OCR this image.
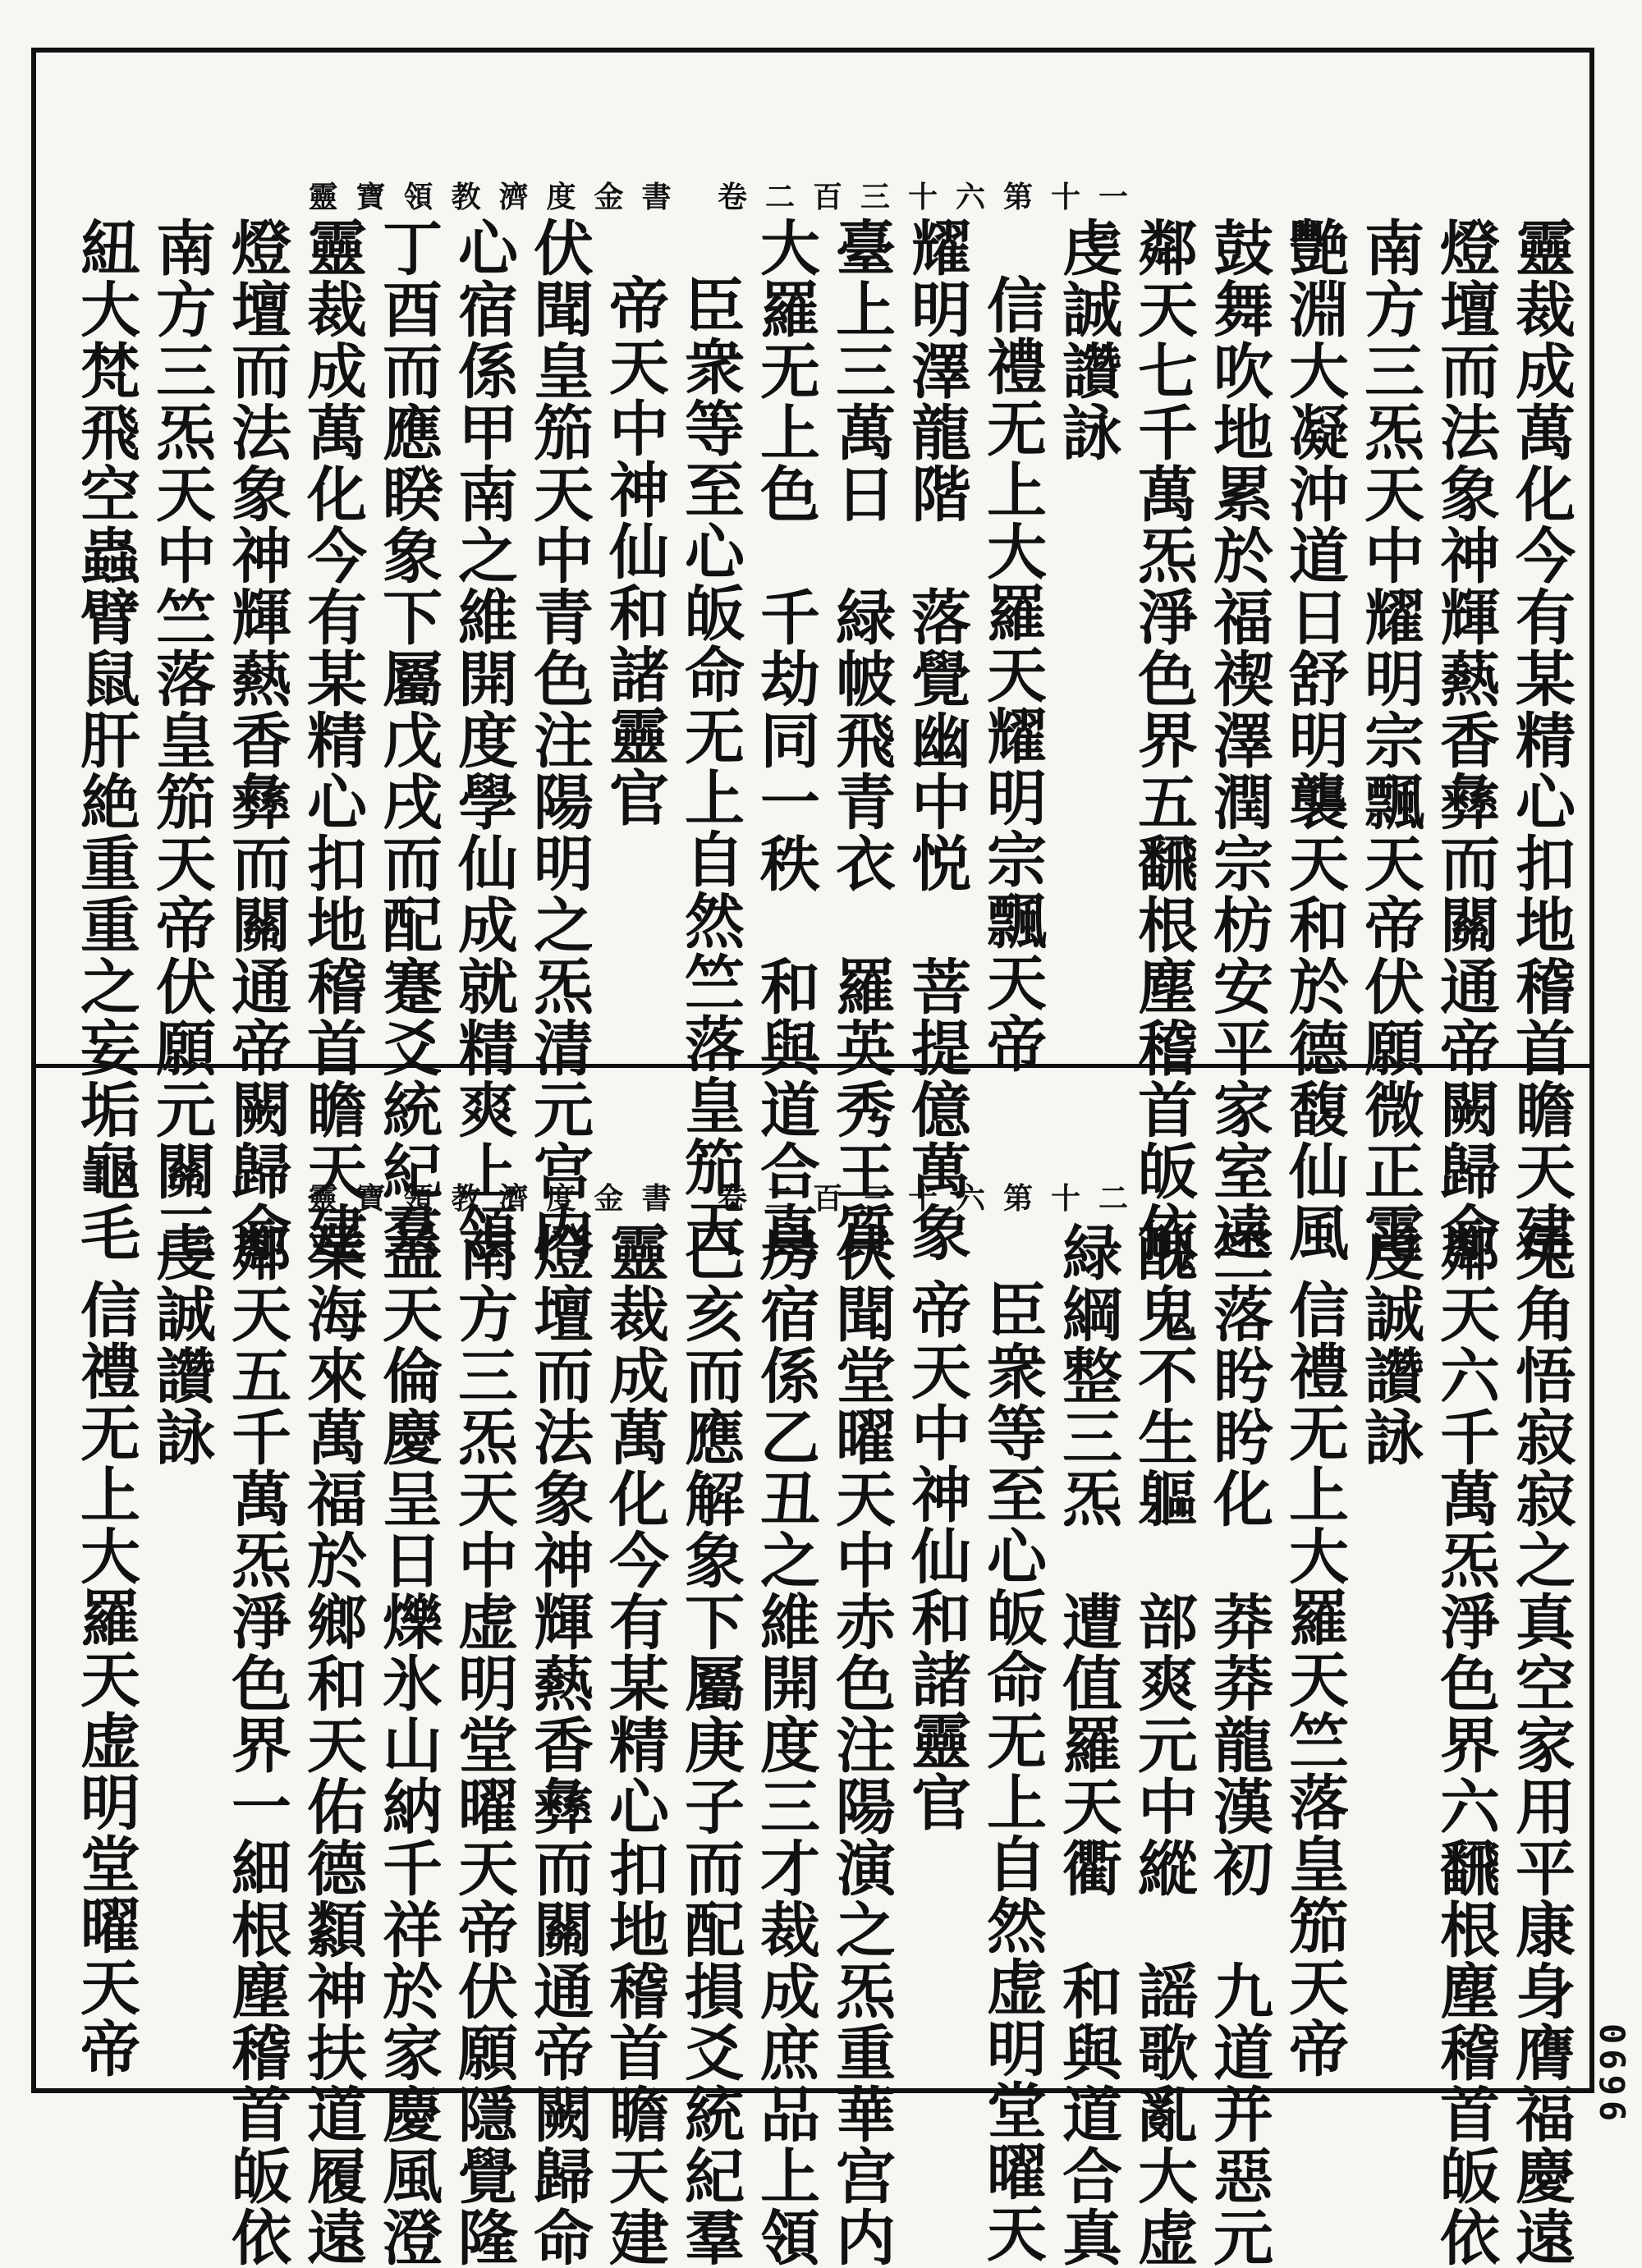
靈寶領教濟度金書 卷二百三十六第十一
靈裁成萬化今有某精心扣地稽首瞻天建
燈壇而法象神輝爇香彝而關通帝闕歸命
南方三炁天中耀明宗飄天帝伏願微正霄
艷淵大凝沖道日舒明襲天和於德馥仙風
鼓舞吹地累於福禊澤潤宗枋安平家室遠
鄰天七千萬炁淨色界五飜根塵稽首皈依
虔誠讚詠
信禮无上大羅天耀明宗飄天帝
耀明澤龍階　落覺幽中悦　菩提億萬象
臺上三萬日　緑帔飛青衣　羅英秀王質
大羅无上色　千劫同一秩　和與道合真
臣衆等至心皈命无上自然竺落皇笳天
帝天中神仙和諸靈官
伏聞皇笳天中青色注陽明之炁清元宫内
心宿係甲南之維開度學仙成就精爽上領
丁酉而應睽象下屬戊戌而配蹇爻統紀羣
靈裁成萬化今有某精心扣地稽首瞻天建
燈壇而法象神輝爇香彝而關通帝闕歸命
南方三炁天中竺落皇笳天帝伏願元關三
紐大梵飛空蟲臂鼠肝絶重重之妄垢龜毛	靈寶領教濟度金書 卷二百三十六第十二
兔角悟寂寂之真空家用平康身膺福慶遠
鄰天六千萬炁淨色界六飜根塵稽首皈依
虔誠讚詠
信禮无上大羅天竺落皇笳天帝
竺落盻盻化　莽莽龍漢初　九道并惡元
醜鬼不生軀　部爽元中縱　謡歌亂大虚
緑綱整三炁　遭值羅天衢　和與道合真
臣衆等至心皈命无上自然虚明堂曜天
帝天中神仙和諸靈官
伏聞堂曜天中赤色注陽演之炁重華宫内
房宿係乙丑之維開度三才裁成庶品上領
巳亥而應解象下屬庚子而配損爻統紀羣
靈裁成萬化今有某精心扣地稽首瞻天建
燈壇而法象神輝爇香彝而關通帝闕歸命
南方三炁天中虚明堂曜天帝伏願隱覺隆
益天倫慶呈日爍氷山納千祥於家慶風澄
業海來萬福於鄉和天佑德纇神扶道履遠
鄰天五千萬炁淨色界一細根塵稽首皈依
虔誠讚詠
信禮无上大羅天虚明堂曜天帝	0696
